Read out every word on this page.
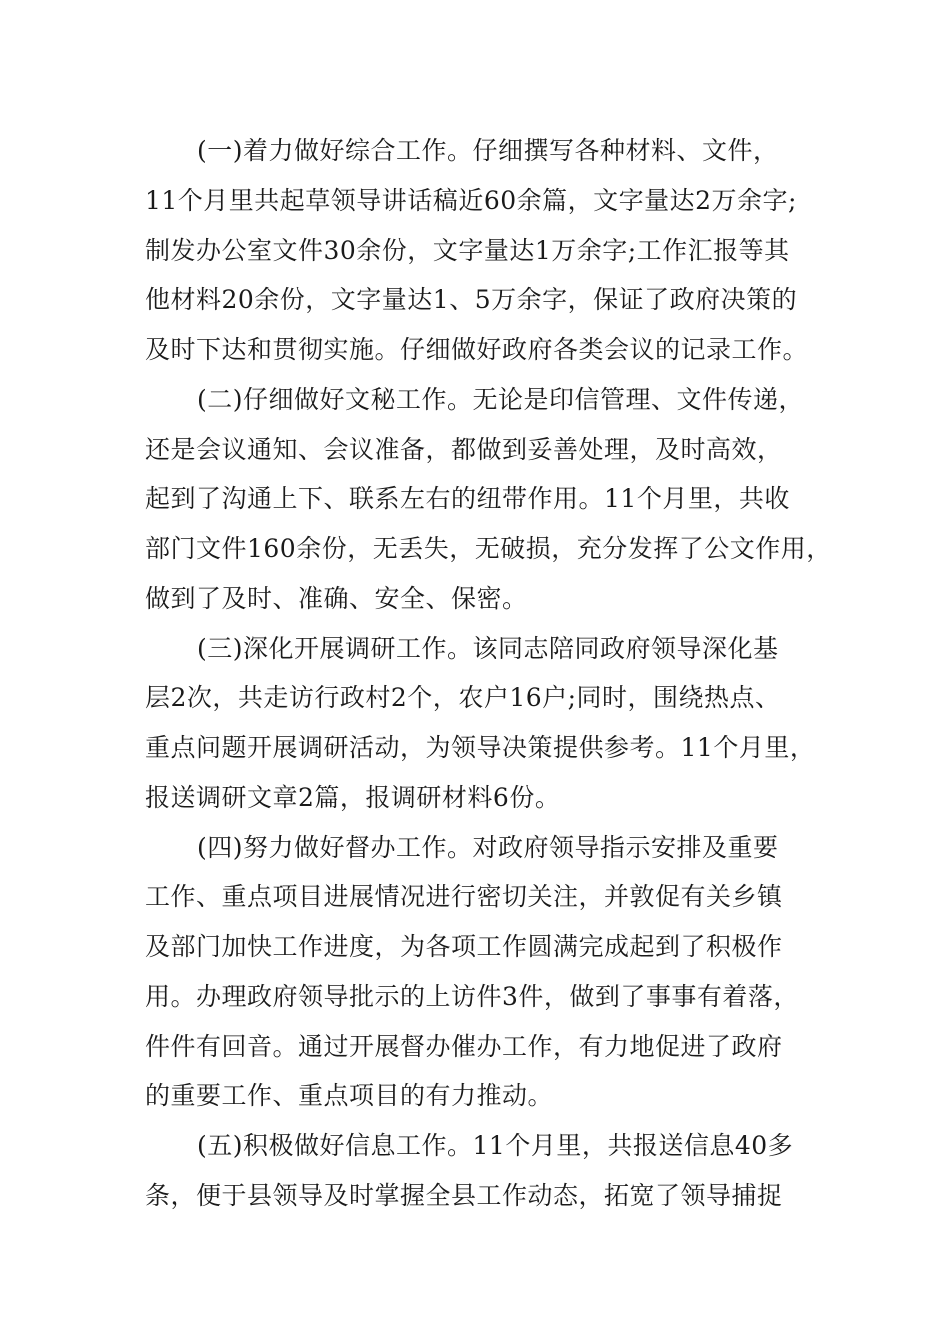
(一)着力做好综合工作。仔细撰写各种材料、文件，
11个月里共起草领导讲话稿近60余篇，文字量达2万余字;
制发办公室文件30余份，文字量达1万余字;工作汇报等其
他材料20余份，文字量达1、5万余字，保证了政府决策的
及时下达和贯彻实施。仔细做好政府各类会议的记录工作。

(二)仔细做好文秘工作。无论是印信管理、文件传递，
还是会议通知、会议准备，都做到妥善处理，及时高效，
起到了沟通上下、联系左右的纽带作用。11个月里，共收
部门文件160余份，无丢失，无破损，充分发挥了公文作用，
做到了及时、准确、安全、保密。

(三)深化开展调研工作。该同志陪同政府领导深化基
层2次，共走访行政村2个，农户16户;同时，围绕热点、
重点问题开展调研活动，为领导决策提供参考。11个月里，
报送调研文章2篇，报调研材料6份。

(四)努力做好督办工作。对政府领导指示安排及重要
工作、重点项目进展情况进行密切关注，并敦促有关乡镇
及部门加快工作进度，为各项工作圆满完成起到了积极作
用。办理政府领导批示的上访件3件，做到了事事有着落，
件件有回音。通过开展督办催办工作，有力地促进了政府
的重要工作、重点项目的有力推动。

(五)积极做好信息工作。11个月里，共报送信息40多
条，便于县领导及时掌握全县工作动态，拓宽了领导捕捉
